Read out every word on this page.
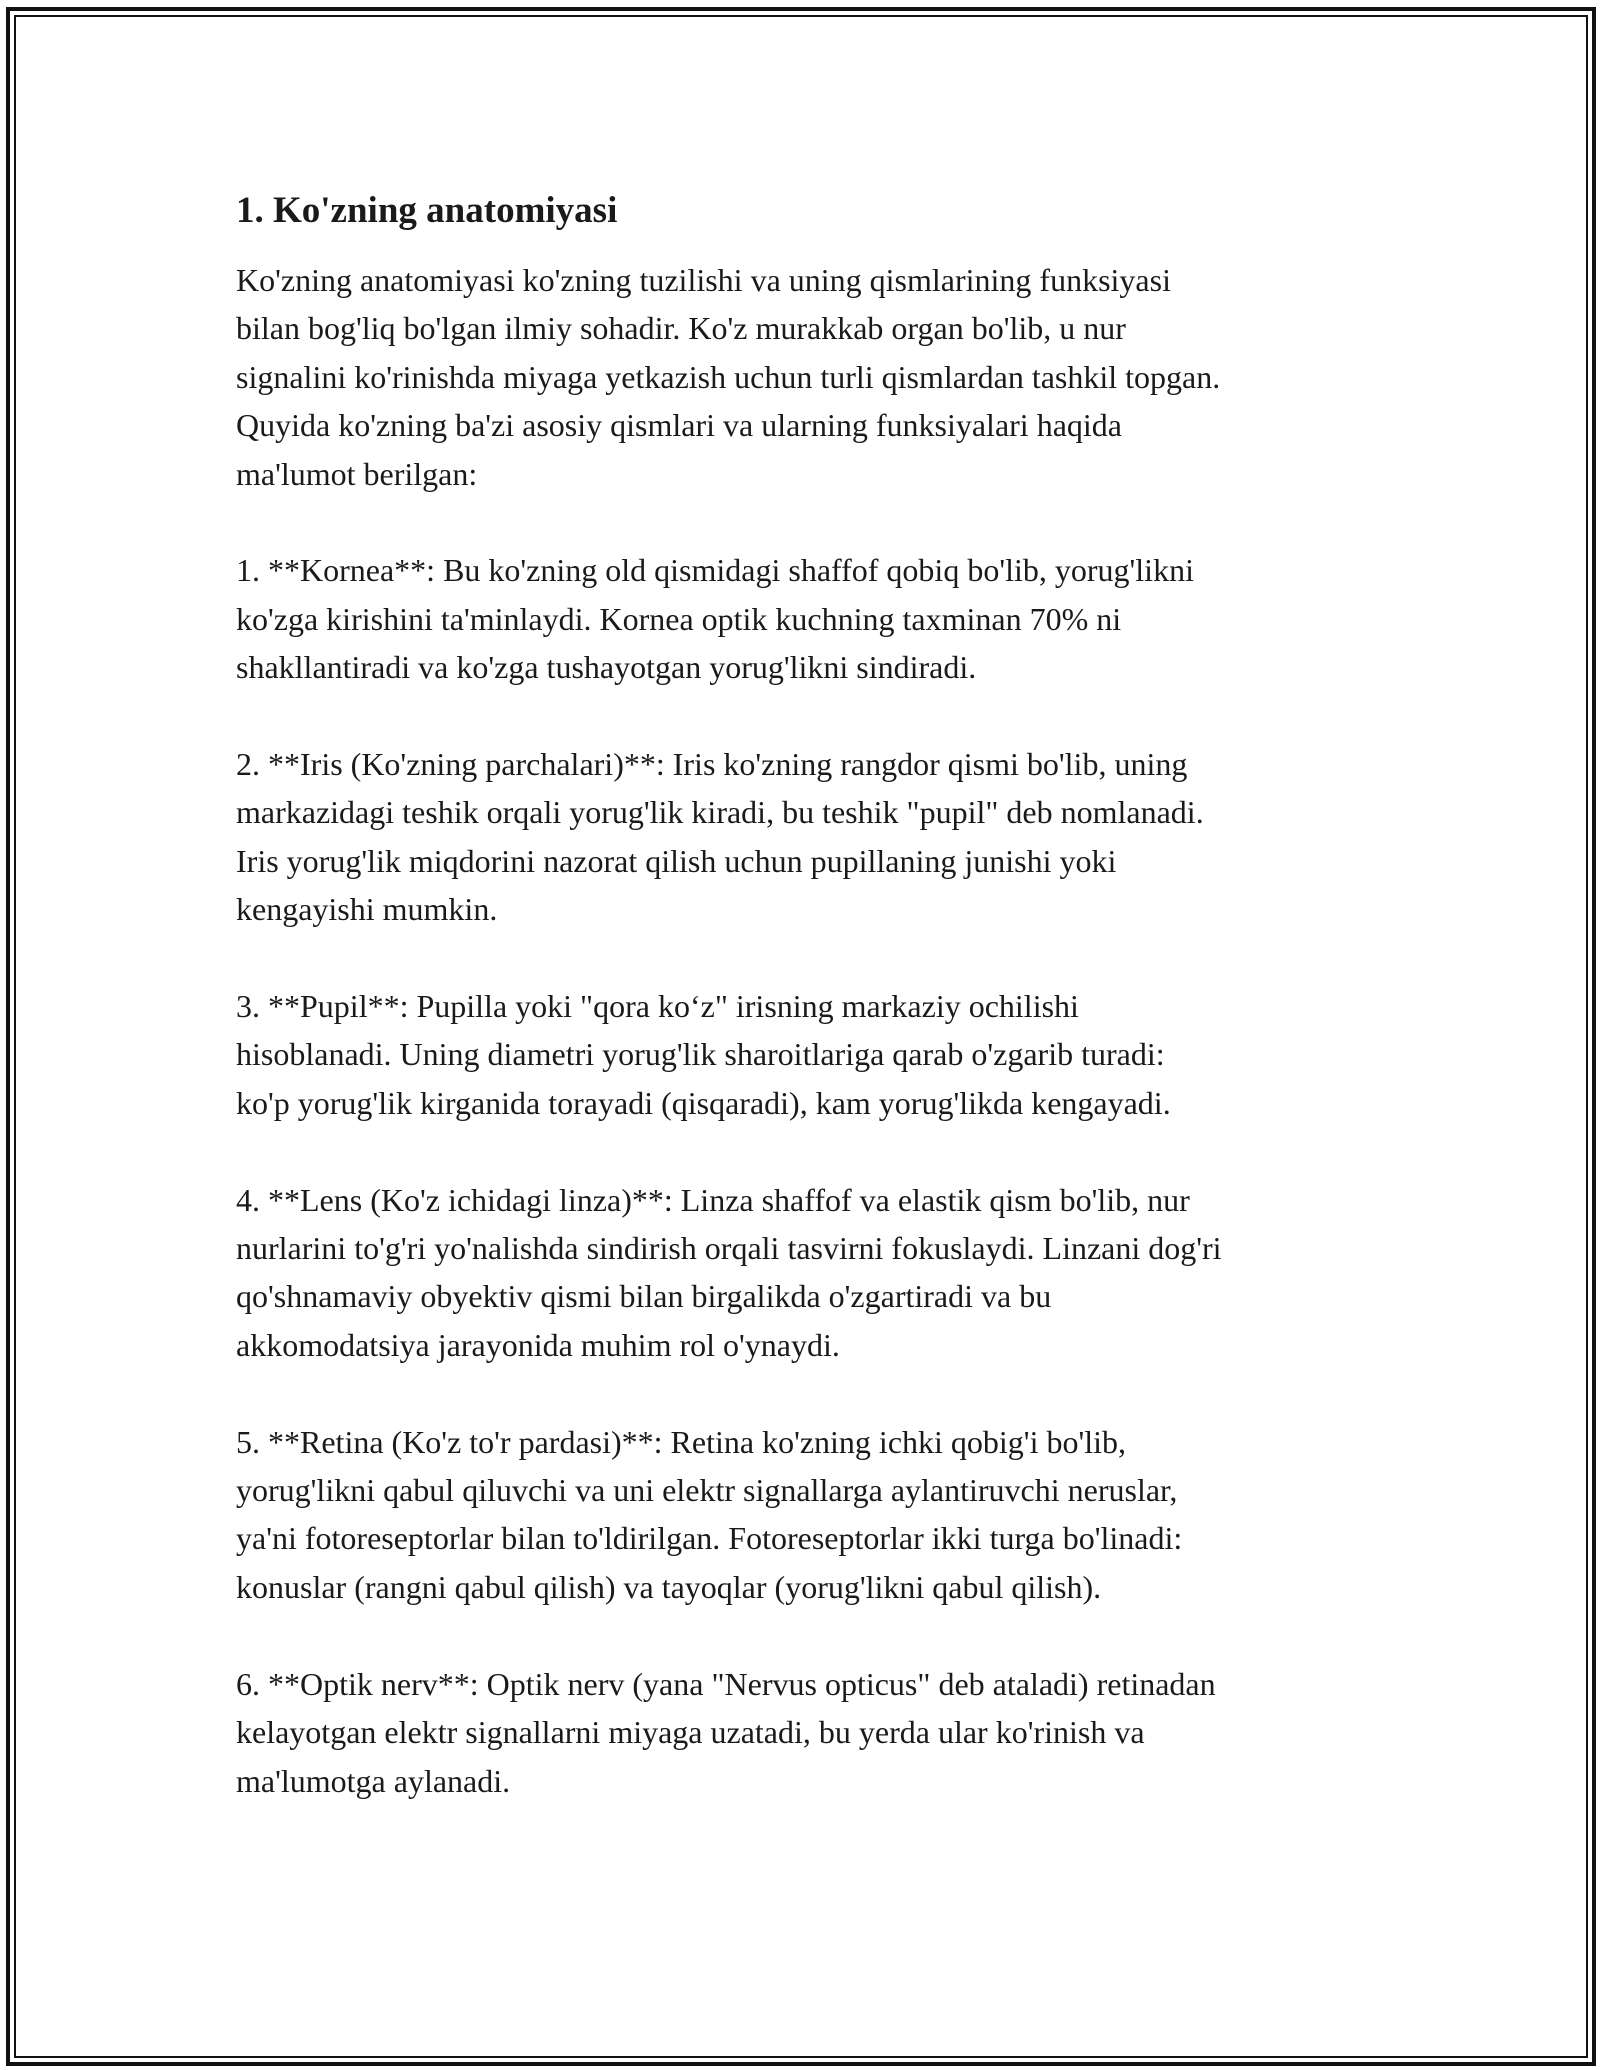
1. Ko'zning anatomiyasi

Ko'zning anatomiyasi ko'zning tuzilishi va uning qismlarining funksiyasi
bilan bog'liq bo'lgan ilmiy sohadir. Ko'z murakkab organ bo'lib, u nur
signalini ko'rinishda miyaga yetkazish uchun turli qismlardan tashkil topgan.
Quyida ko'zning ba'zi asosiy qismlari va ularning funksiyalari haqida
ma'lumot berilgan:

1. **Kornea**: Bu ko'zning old qismidagi shaffof qobiq bo'lib, yorug'likni
ko'zga kirishini ta'minlaydi. Kornea optik kuchning taxminan 70% ni
shakllantiradi va ko'zga tushayotgan yorug'likni sindiradi.

2. **Iris (Ko'zning parchalari)**: Iris ko'zning rangdor qismi bo'lib, uning
markazidagi teshik orqali yorug'lik kiradi, bu teshik "pupil" deb nomlanadi.
Iris yorug'lik miqdorini nazorat qilish uchun pupillaning junishi yoki
kengayishi mumkin.

3. **Pupil**: Pupilla yoki "qora ko‘z" irisning markaziy ochilishi
hisoblanadi. Uning diametri yorug'lik sharoitlariga qarab o'zgarib turadi:
ko'p yorug'lik kirganida torayadi (qisqaradi), kam yorug'likda kengayadi.

4. **Lens (Ko'z ichidagi linza)**: Linza shaffof va elastik qism bo'lib, nur
nurlarini to'g'ri yo'nalishda sindirish orqali tasvirni fokuslaydi. Linzani dog'ri
qo'shnamaviy obyektiv qismi bilan birgalikda o'zgartiradi va bu
akkomodatsiya jarayonida muhim rol o'ynaydi.

5. **Retina (Ko'z to'r pardasi)**: Retina ko'zning ichki qobig'i bo'lib,
yorug'likni qabul qiluvchi va uni elektr signallarga aylantiruvchi neruslar,
ya'ni fotoreseptorlar bilan to'ldirilgan. Fotoreseptorlar ikki turga bo'linadi:
konuslar (rangni qabul qilish) va tayoqlar (yorug'likni qabul qilish).

6. **Optik nerv**: Optik nerv (yana "Nervus opticus" deb ataladi) retinadan
kelayotgan elektr signallarni miyaga uzatadi, bu yerda ular ko'rinish va
ma'lumotga aylanadi.
